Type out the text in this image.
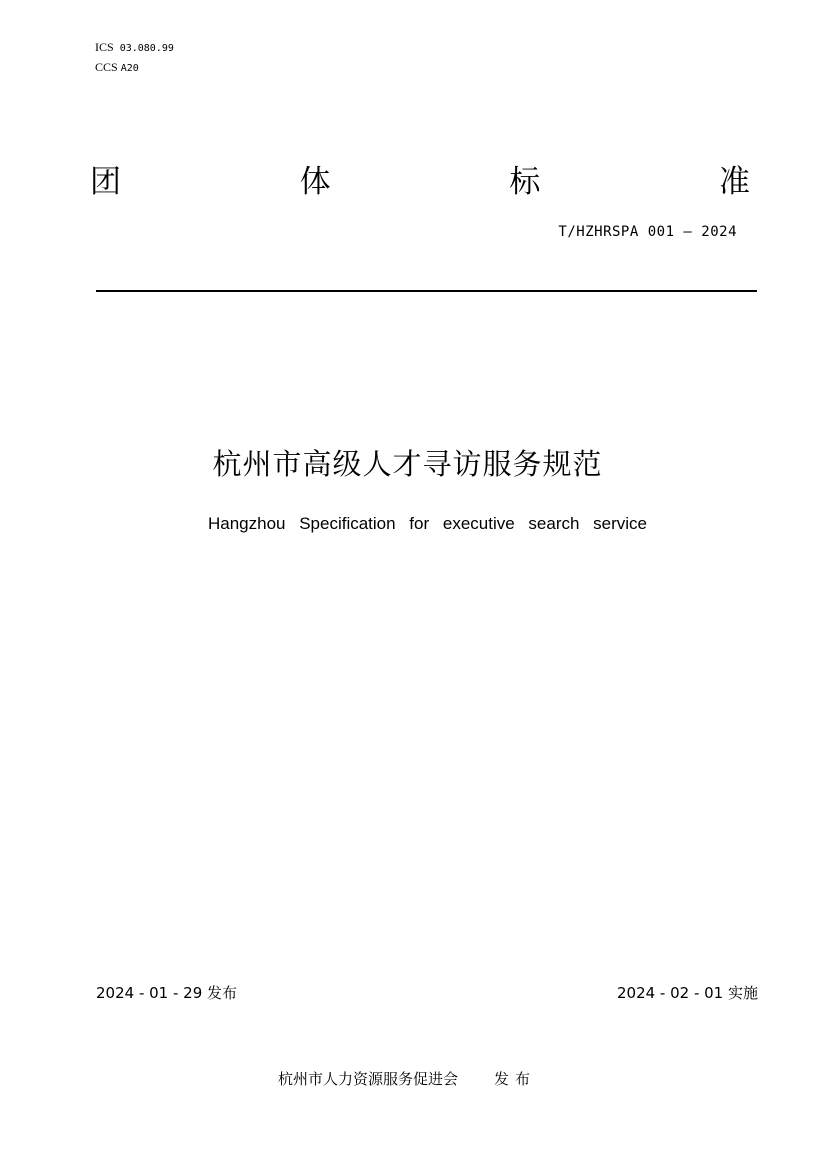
ICS 03.080.99
CCS A20
团	体	标	准
T/HZHRSPA 001 — 2024
杭州市高级人才寻访服务规范
Hangzhou Specification for executive search service
2024 - 01 - 29 发布	2024 - 02 - 01 实施
杭州市人力资源服务促进会 发布
